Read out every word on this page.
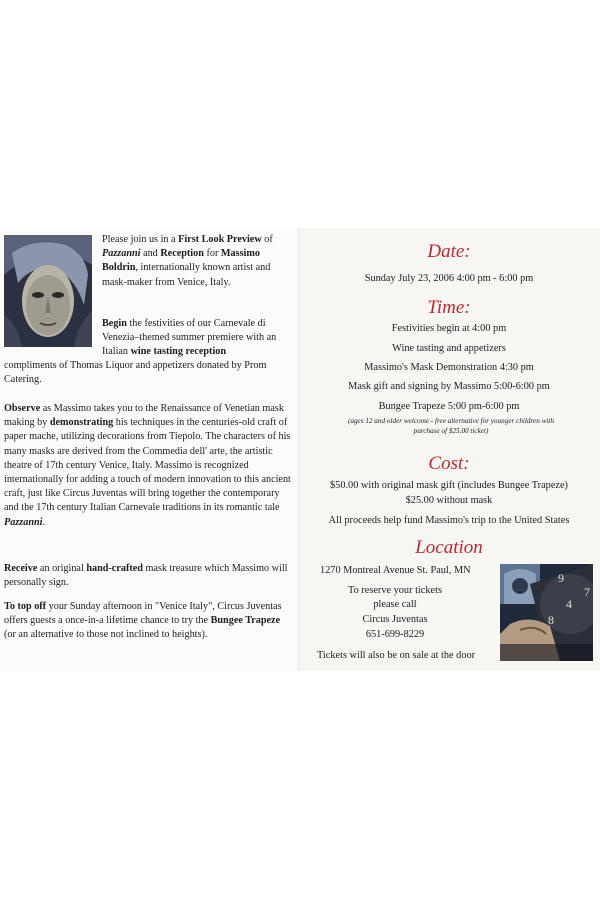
Please join us in a First Look Preview of Pazzanni and Reception for Massimo Boldrin, internationally known artist and mask-maker from Venice, Italy.

Begin the festivities of our Carnevale di Venezia–themed summer premiere with an Italian wine tasting reception

compliments of Thomas Liquor and appetizers donated by Prom Catering.

Observe as Massimo takes you to the Renaissance of Venetian mask making by demonstrating his techniques in the centuries-old craft of paper mache, utilizing decorations from Tiepolo. The characters of his many masks are derived from the Commedia dell' arte, the artistic theatre of 17th century Venice, Italy. Massimo is recognized internationally for adding a touch of modern innovation to this ancient craft, just like Circus Juventas will bring together the contemporary and the 17th century Italian Carnevale traditions in its romantic tale Pazzanni.

Receive an original hand-crafted mask treasure which Massimo will personally sign.

To top off your Sunday afternoon in "Venice Italy", Circus Juventas offers guests a once-in-a lifetime chance to try the Bungee Trapeze (or an alternative to those not inclined to heights).

Date:
Sunday July 23, 2006 4:00 pm - 6:00 pm
Time:
Festivities begin at 4:00 pm
Wine tasting and appetizers
Massimo's Mask Demonstration 4:30 pm
Mask gift and signing by Massimo 5:00-6:00 pm
Bungee Trapeze 5:00 pm-6:00 pm
(ages 12 and older welcome - free alternative for younger children with purchase of $25.00 ticket)
Cost:
$50.00 with original mask gift (includes Bungee Trapeze)
$25.00 without mask
All proceeds help fund Massimo's trip to the United States
Location
1270 Montreal Avenue St. Paul, MN
To reserve your tickets
please call
Circus Juventas
651-699-8229
Tickets will also be on sale at the door
9
7
4
8
